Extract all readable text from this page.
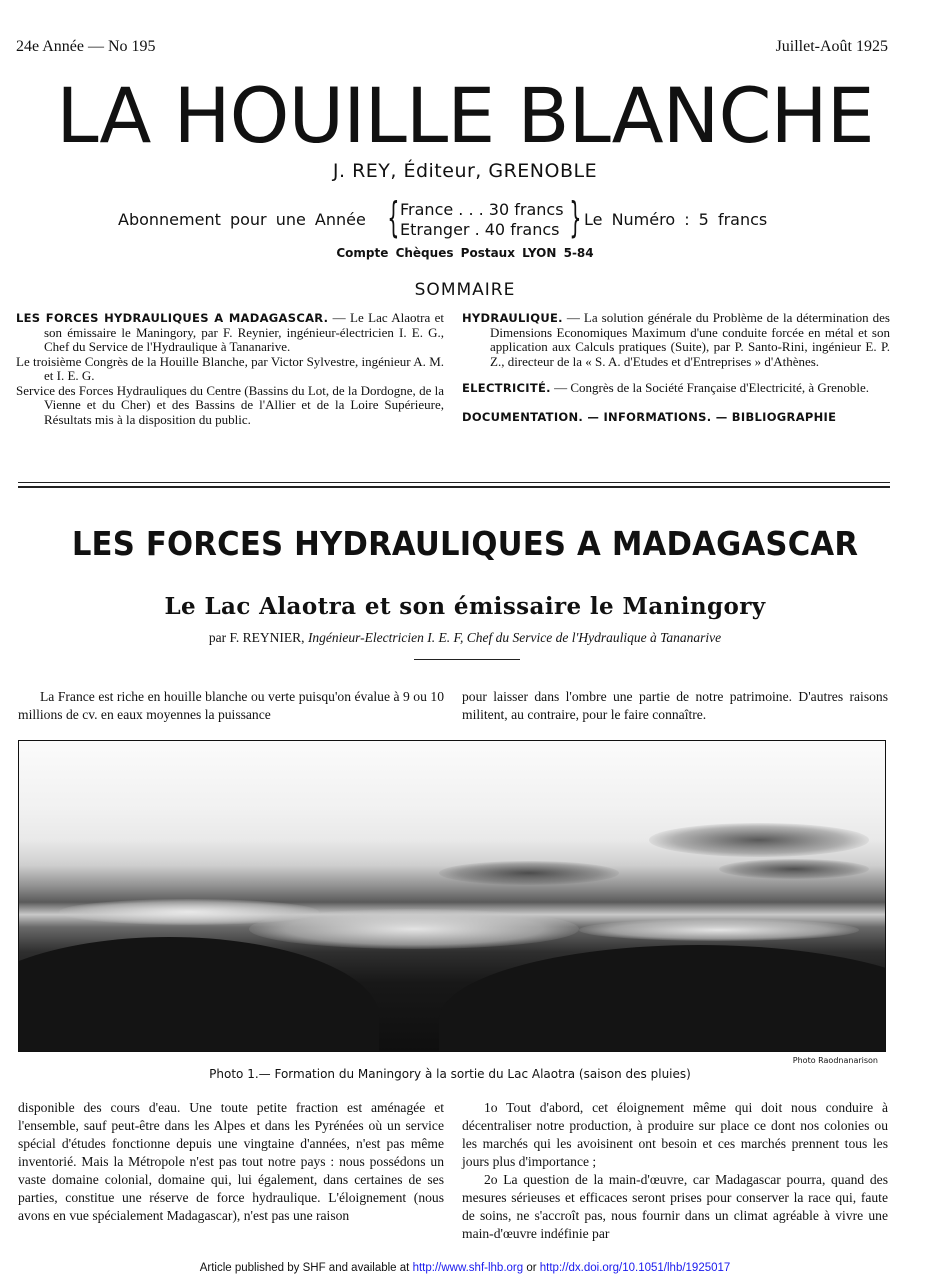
24e Année — No 195	Juillet-Août 1925
LA HOUILLE BLANCHE
J. REY, Éditeur, GRENOBLE
Abonnement pour une Année { France . . . 30 francs
Etranger . 40 francs } Le Numéro : 5 francs
Compte Chèques Postaux LYON 5-84
SOMMAIRE

LES FORCES HYDRAULIQUES A MADAGASCAR. — Le Lac Alaotra et son émissaire le Maningory, par F. Reynier, ingénieur-électricien I. E. G., Chef du Service de l'Hydraulique à Tananarive.

Le troisième Congrès de la Houille Blanche, par Victor Sylvestre, ingénieur A. M. et I. E. G.

Service des Forces Hydrauliques du Centre (Bassins du Lot, de la Dordogne, de la Vienne et du Cher) et des Bassins de l'Allier et de la Loire Supérieure, Résultats mis à la disposition du public.

HYDRAULIQUE. — La solution générale du Problème de la détermination des Dimensions Economiques Maximum d'une conduite forcée en métal et son application aux Calculs pratiques (Suite), par P. Santo-Rini, ingénieur E. P. Z., directeur de la « S. A. d'Etudes et d'Entreprises » d'Athènes.

ELECTRICITÉ. — Congrès de la Société Française d'Electricité, à Grenoble.

DOCUMENTATION. — INFORMATIONS. — BIBLIOGRAPHIE

LES FORCES HYDRAULIQUES A MADAGASCAR
Le Lac Alaotra et son émissaire le Maningory
par F. REYNIER, Ingénieur-Electricien I. E. F, Chef du Service de l'Hydraulique à Tananarive

La France est riche en houille blanche ou verte puisqu'on évalue à 9 ou 10 millions de cv. en eaux moyennes la puissance

pour laisser dans l'ombre une partie de notre patrimoine. D'autres raisons militent, au contraire, pour le faire connaître.

Photo Raodnanarison
Photo 1.— Formation du Maningory à la sortie du Lac Alaotra (saison des pluies)

disponible des cours d'eau. Une toute petite fraction est aménagée et l'ensemble, sauf peut-être dans les Alpes et dans les Pyrénées où un service spécial d'études fonctionne depuis une vingtaine d'années, n'est pas même inventorié. Mais la Métropole n'est pas tout notre pays : nous possédons un vaste domaine colonial, domaine qui, lui également, dans certaines de ses parties, constitue une réserve de force hydraulique. L'éloignement (nous avons en vue spécialement Madagascar), n'est pas une raison

1o Tout d'abord, cet éloignement même qui doit nous conduire à décentraliser notre production, à produire sur place ce dont nos colonies ou les marchés qui les avoisinent ont besoin et ces marchés prennent tous les jours plus d'importance ;

2o La question de la main-d'œuvre, car Madagascar pourra, quand des mesures sérieuses et efficaces seront prises pour conserver la race qui, faute de soins, ne s'accroît pas, nous fournir dans un climat agréable à vivre une main-d'œuvre indéfinie par

Article published by SHF and available at http://www.shf-lhb.org or http://dx.doi.org/10.1051/lhb/1925017
